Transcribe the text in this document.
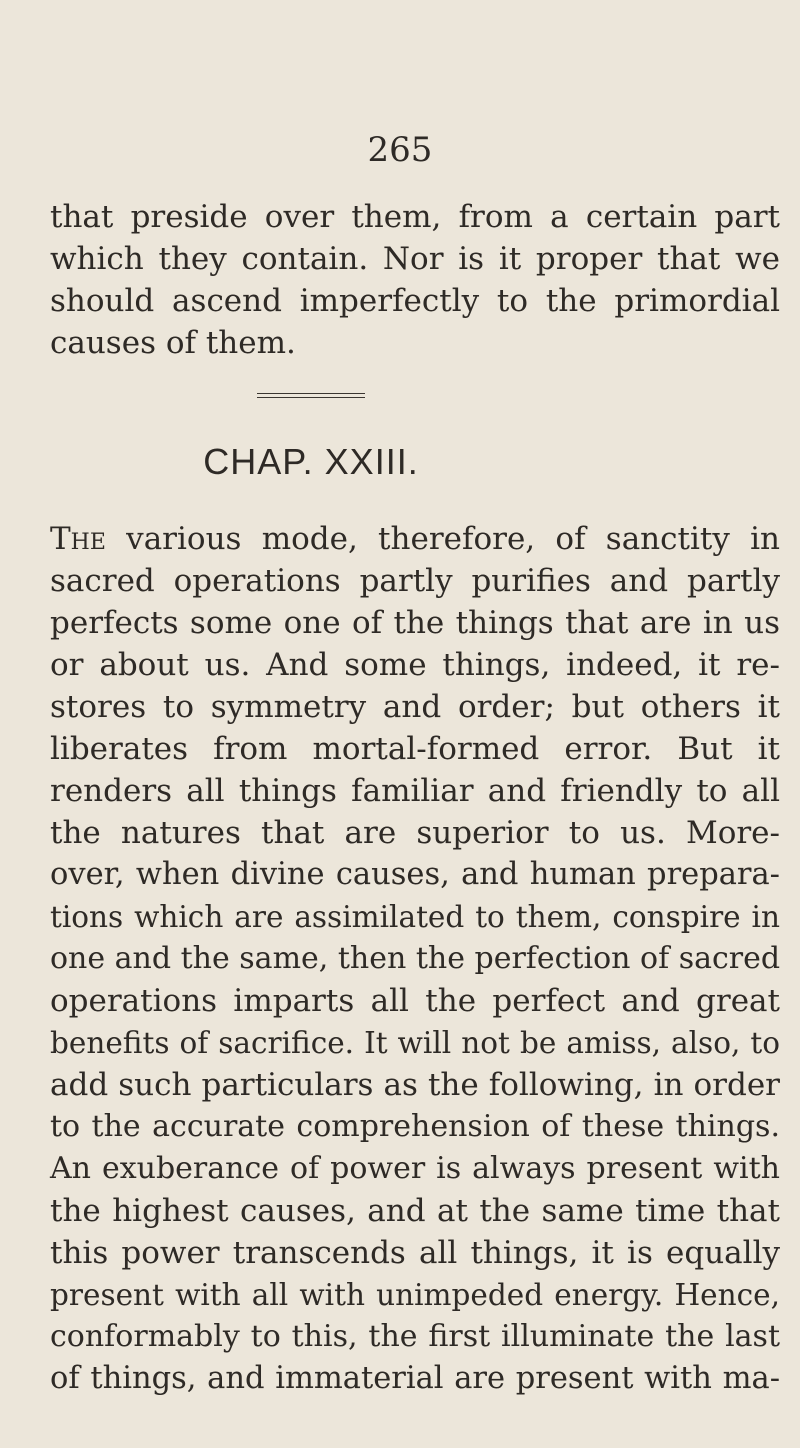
265
that preside over them, from a certain part
which they contain. Nor is it proper that we
should ascend imperfectly to the primordial
causes of them.
CHAP. XXIII.
The various mode, therefore, of sanctity in
sacred operations partly purifies and partly
perfects some one of the things that are in us
or about us. And some things, indeed, it re-
stores to symmetry and order; but others it
liberates from mortal-formed error. But it
renders all things familiar and friendly to all
the natures that are superior to us. More-
over, when divine causes, and human prepara-
tions which are assimilated to them, conspire in
one and the same, then the perfection of sacred
operations imparts all the perfect and great
benefits of sacrifice. It will not be amiss, also, to
add such particulars as the following, in order
to the accurate comprehension of these things.
An exuberance of power is always present with
the highest causes, and at the same time that
this power transcends all things, it is equally
present with all with unimpeded energy. Hence,
conformably to this, the first illuminate the last
of things, and immaterial are present with ma-
